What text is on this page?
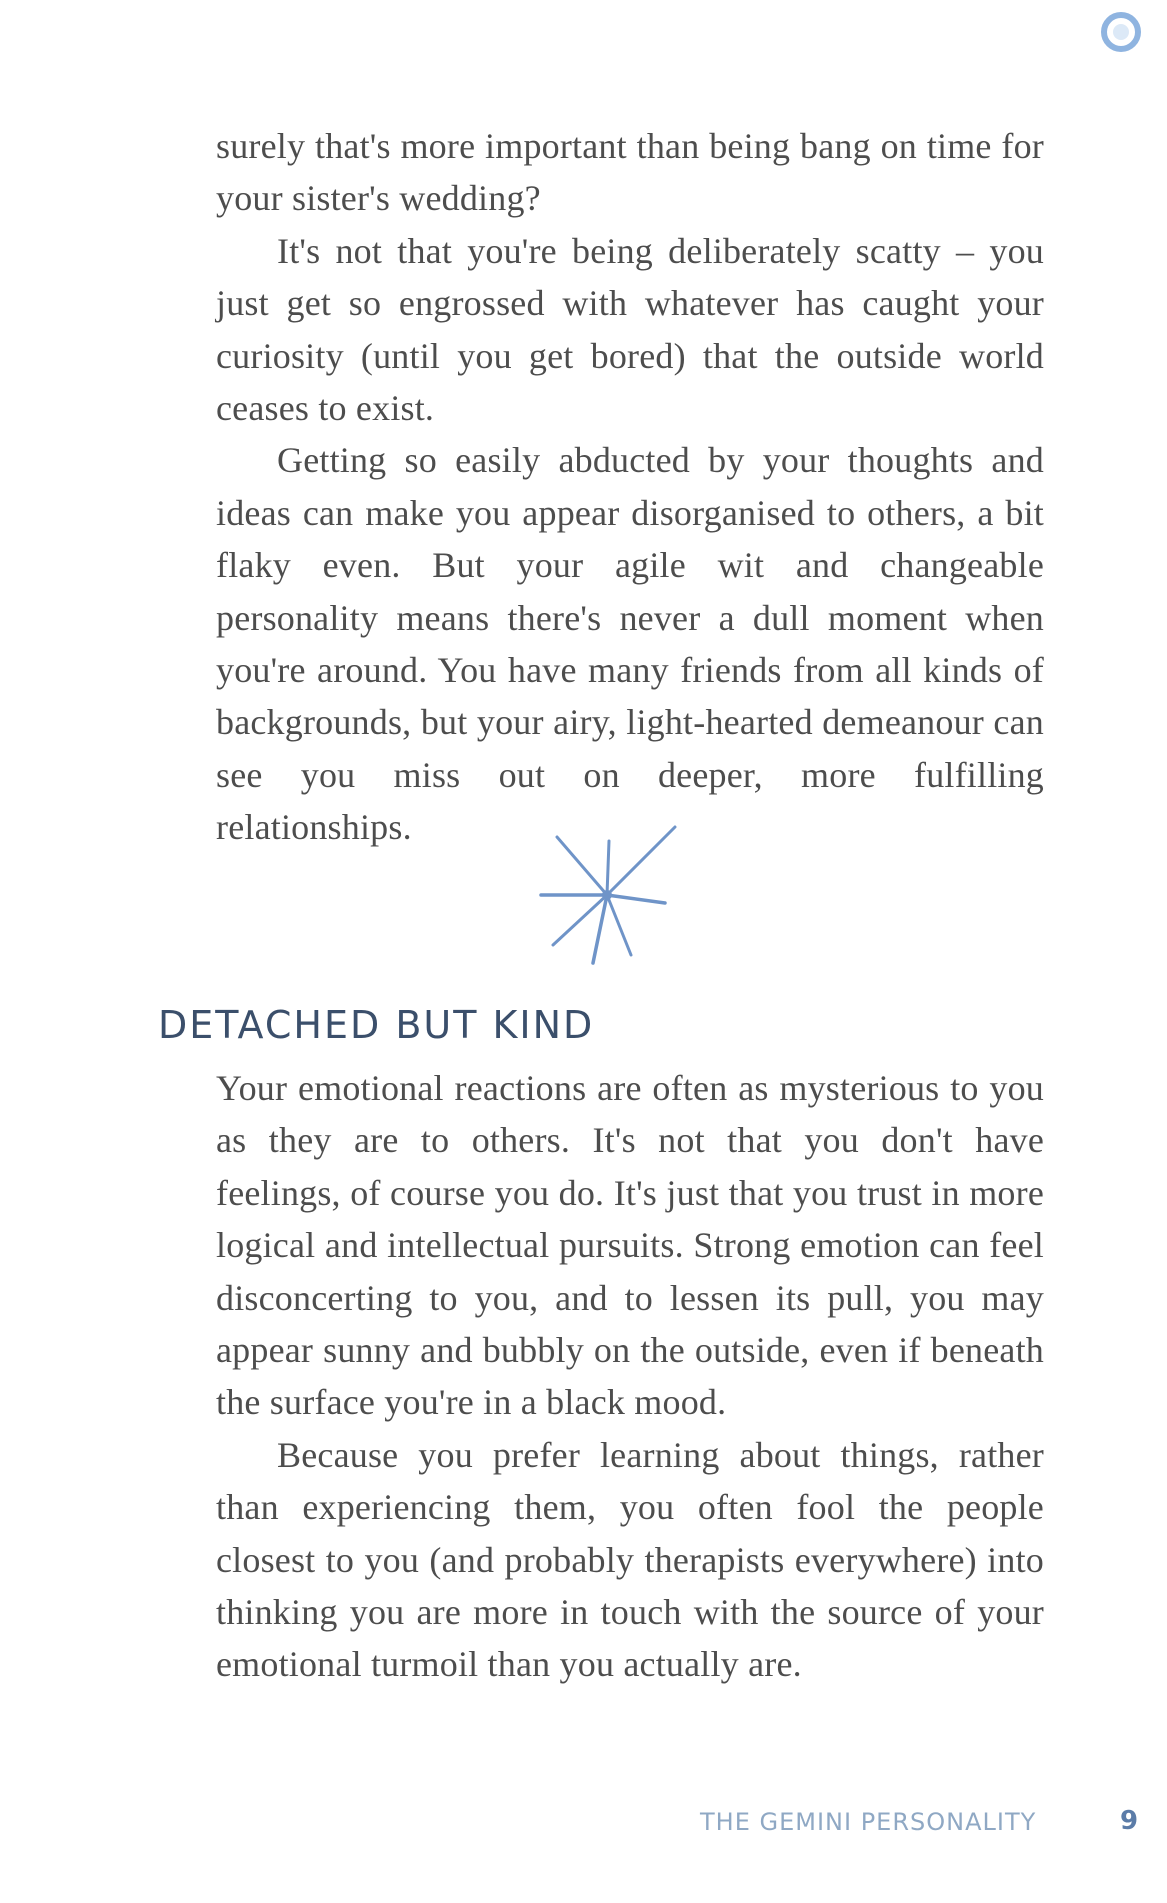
surely that's more important than being bang on time for your sister's wedding?

It's not that you're being deliberately scatty – you just get so engrossed with whatever has caught your curiosity (until you get bored) that the outside world ceases to exist.

Getting so easily abducted by your thoughts and ideas can make you appear disorganised to others, a bit flaky even. But your agile wit and changeable personality means there's never a dull moment when you're around. You have many friends from all kinds of backgrounds, but your airy, light-hearted demeanour can see you miss out on deeper, more fulfilling relationships.

DETACHED BUT KIND

Your emotional reactions are often as mysterious to you as they are to others. It's not that you don't have feelings, of course you do. It's just that you trust in more logical and intellectual pursuits. Strong emotion can feel disconcerting to you, and to lessen its pull, you may appear sunny and bubbly on the outside, even if beneath the surface you're in a black mood.

Because you prefer learning about things, rather than experiencing them, you often fool the people closest to you (and probably therapists everywhere) into thinking you are more in touch with the source of your emotional turmoil than you actually are.

THE GEMINI PERSONALITY	9
